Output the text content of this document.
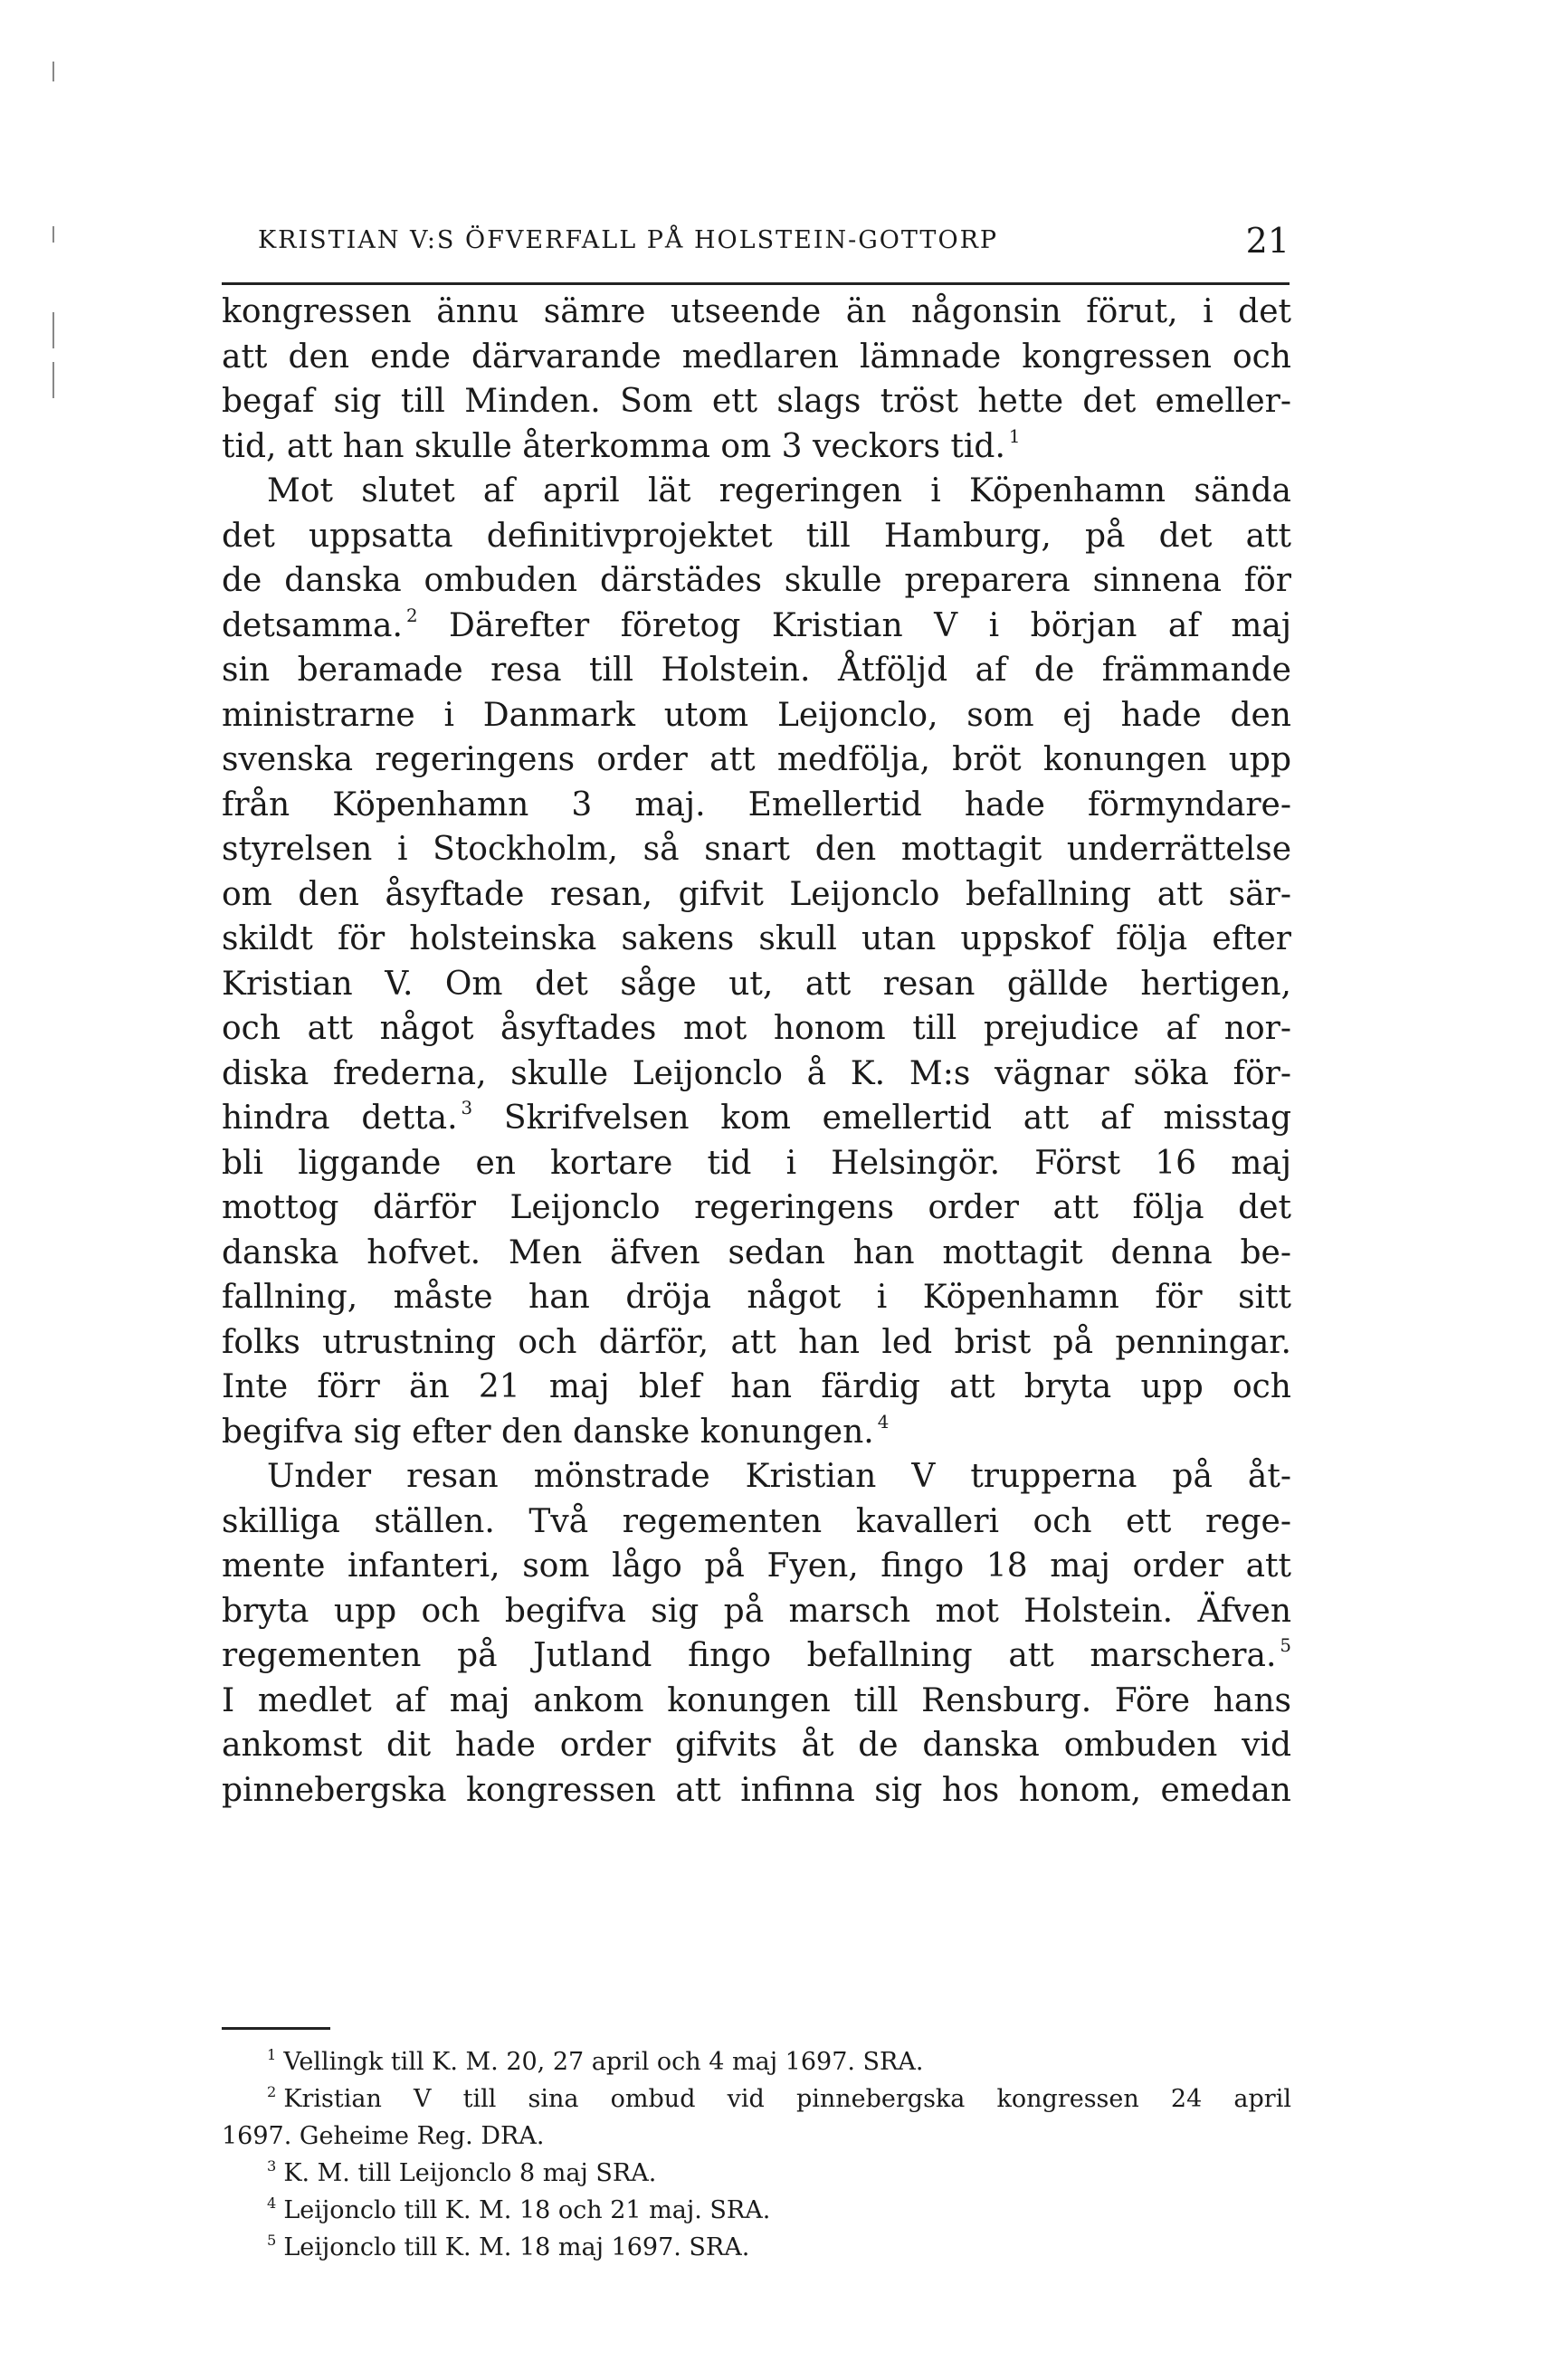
KRISTIAN V:S ÖFVERFALL PÅ HOLSTEIN-GOTTORP	21
kongressen ännu sämre utseende än någonsin förut, i det
att den ende därvarande medlaren lämnade kongressen och
begaf sig till Minden. Som ett slags tröst hette det emeller-
tid, att han skulle återkomma om 3 veckors tid. $^1$
Mot slutet af april lät regeringen i Köpenhamn sända
det uppsatta definitivprojektet till Hamburg, på det att
de danska ombuden därstädes skulle preparera sinnena för
detsamma. $^2$ Därefter företog Kristian V i början af maj
sin beramade resa till Holstein. Åtföljd af de främmande
ministrarne i Danmark utom Leijonclo, som ej hade den
svenska regeringens order att medfölja, bröt konungen upp
från Köpenhamn 3 maj. Emellertid hade förmyndare-
styrelsen i Stockholm, så snart den mottagit underrättelse
om den åsyftade resan, gifvit Leijonclo befallning att sär-
skildt för holsteinska sakens skull utan uppskof följa efter
Kristian V. Om det såge ut, att resan gällde hertigen,
och att något åsyftades mot honom till prejudice af nor-
diska frederna, skulle Leijonclo å K. M:s vägnar söka för-
hindra detta. $^3$ Skrifvelsen kom emellertid att af misstag
bli liggande en kortare tid i Helsingör. Först 16 maj
mottog därför Leijonclo regeringens order att följa det
danska hofvet. Men äfven sedan han mottagit denna be-
fallning, måste han dröja något i Köpenhamn för sitt
folks utrustning och därför, att han led brist på penningar.
Inte förr än 21 maj blef han färdig att bryta upp och
begifva sig efter den danske konungen. $^4$
Under resan mönstrade Kristian V trupperna på åt-
skilliga ställen. Två regementen kavalleri och ett rege-
mente infanteri, som lågo på Fyen, fingo 18 maj order att
bryta upp och begifva sig på marsch mot Holstein. Äfven
regementen på Jutland fingo befallning att marschera. $^5$
I medlet af maj ankom konungen till Rensburg. Före hans
ankomst dit hade order gifvits åt de danska ombuden vid
pinnebergska kongressen att infinna sig hos honom, emedan
$^1$ Vellingk till K. M. 20, 27 april och 4 maj 1697. SRA.
$^2$ Kristian V till sina ombud vid pinnebergska kongressen 24 april
1697. Geheime Reg. DRA.
$^3$ K. M. till Leijonclo 8 maj SRA.
$^4$ Leijonclo till K. M. 18 och 21 maj. SRA.
$^5$ Leijonclo till K. M. 18 maj 1697. SRA.
